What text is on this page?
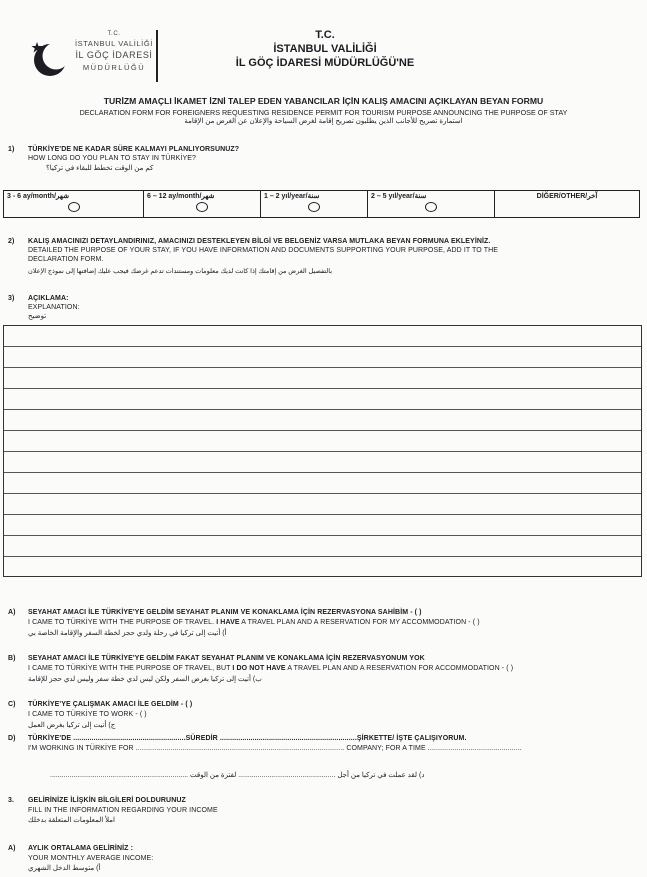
T.C.
İSTANBUL VALİLİĞİ
İL GÖÇ İDARESİ
MÜDÜRLÜĞÜ
T.C.
İSTANBUL VALİLİĞİ
İL GÖÇ İDARESİ MÜDÜRLÜĞÜ'NE
TURİZM AMAÇLI İKAMET İZNİ TALEP EDEN YABANCILAR İÇİN KALIŞ AMACINI AÇIKLAYAN BEYAN FORMU
DECLARATION FORM FOR FOREIGNERS REQUESTING RESIDENCE PERMIT FOR TOURISM PURPOSE ANNOUNCING THE PURPOSE OF STAY
استمارة تصريح للأجانب الذين يطلبون تصريح إقامة لغرض السياحة والإعلان عن الغرض من الإقامة
1) TÜRKİYE'DE NE KADAR SÜRE KALMAYI PLANLIYORSUNUZ?
HOW LONG DO YOU PLAN TO STAY IN TÜRKİYE?
كم من الوقت تخطط للبقاء في تركيا؟
3 - 6 ay/month/شهر	6 – 12 ay/month/شهر	1 – 2 yıl/year/سنة	2 – 5 yıl/year/سنة	DİĞER/OTHER/آخر
2) KALIŞ AMACINIZI DETAYLANDIRINIZ, AMACINIZI DESTEKLEYEN BİLGİ VE BELGENİZ VARSA MUTLAKA BEYAN FORMUNA EKLEYİNİZ.
DETAILED THE PURPOSE OF YOUR STAY, IF YOU HAVE INFORMATION AND DOCUMENTS SUPPORTING YOUR PURPOSE, ADD IT TO THE
DECLARATION FORM.
بالتفصيل الغرض من إقامتك إذا كانت لديك معلومات ومستندات تدعم غرضك فيجب عليك إضافتها إلى نموذج الإعلان
3) AÇIKLAMA:
EXPLANATION:
توضيح
A) SEYAHAT AMACI İLE TÜRKİYE'YE GELDİM SEYAHAT PLANIM VE KONAKLAMA İÇİN REZERVASYONA SAHİBİM - ( )
I CAME TO TÜRKİYE WITH THE PURPOSE OF TRAVEL. I HAVE A TRAVEL PLAN AND A RESERVATION FOR MY ACCOMMODATION - ( )
أ) أتيت إلى تركيا في رحلة ولدي حجز لخطة السفر والإقامة الخاصة بي
B) SEYAHAT AMACI İLE TÜRKİYE'YE GELDİM FAKAT SEYAHAT PLANIM VE KONAKLAMA İÇİN REZERVASYONUM YOK
I CAME TO TÜRKİYE WITH THE PURPOSE OF TRAVEL, BUT I DO NOT HAVE A TRAVEL PLAN AND A RESERVATION FOR ACCOMMODATION - ( )
ب) أتيت إلى تركيا بغرض السفر ولكن ليس لدي خطة سفر وليس لدي حجز للإقامة
C) TÜRKİYE'YE ÇALIŞMAK AMACI İLE GELDİM - ( )
I CAME TO TÜRKİYE TO WORK - ( )
ج) أتيت إلى تركيا بغرض العمل
D) TÜRKİYE'DE .......................................................SÜREDİR ...................................................................ŞİRKETTE/ İŞTE ÇALIŞIYORUM.
I'M WORKING IN TÜRKİYE FOR ...................................................................................................... COMPANY; FOR A TIME ..............................................
د) لقد عملت في تركيا من أجل .................................................. لفترة من الوقت .......................................................................
3. GELİRİNİZE İLİŞKİN BİLGİLERİ DOLDURUNUZ
FILL IN THE INFORMATION REGARDING YOUR INCOME
املأ المعلومات المتعلقة بدخلك
A) AYLIK ORTALAMA GELİRİNİZ :
YOUR MONTHLY AVERAGE INCOME:
أ) متوسط الدخل الشهري
